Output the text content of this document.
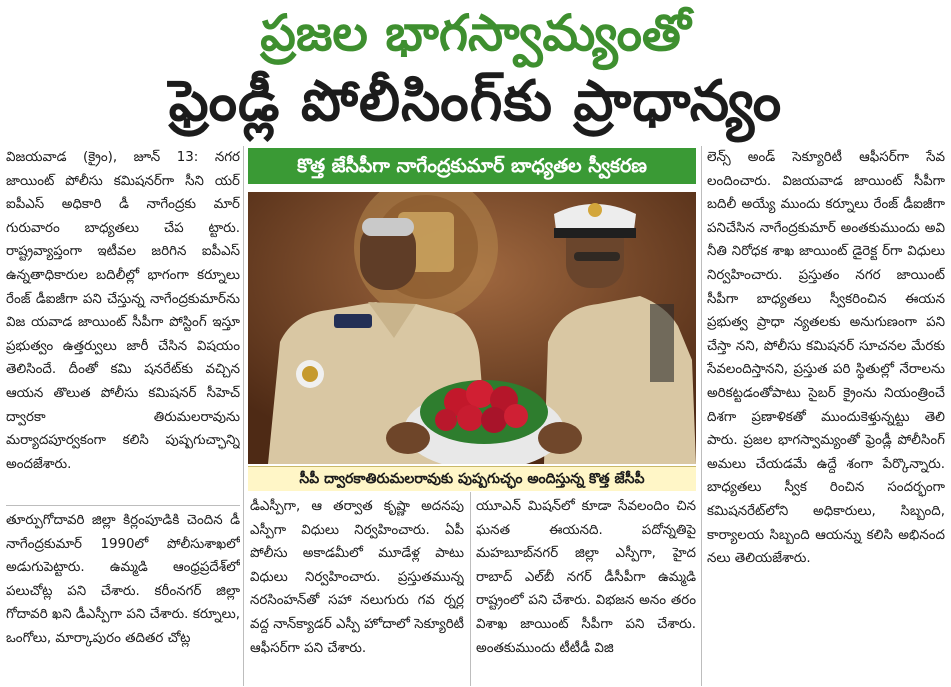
ప్రజల భాగస్వామ్యంతో
ఫ్రెండ్లీ పోలీసింగ్‌కు ప్రాధాన్యం

విజయవాడ (క్రైం), జూన్ 13: నగర జాయింట్ పోలీసు కమిషనర్‌గా సీని యర్ ఐపీఎస్ అధికారి డీ నాగేంద్రకు మార్ గురువారం బాధ్యతలు చేప ట్టారు. రాష్ట్రవ్యాప్తంగా ఇటీవల జరిగిన ఐపీఎస్ ఉన్నతాధికారుల బదిలీల్లో భాగంగా కర్నూలు రేంజ్ డీఐజీగా పని చేస్తున్న నాగేంద్రకుమార్‌ను విజ యవాడ జాయింట్ సీపీగా పోస్టింగ్ ఇస్తూ ప్రభుత్వం ఉత్తర్వులు జారీ చేసిన విషయం తెలిసిందే. దీంతో కమి షనరేట్‌కు వచ్చిన ఆయన తొలుత పోలీసు కమిషనర్ సీహెచ్ ద్వారకా తిరుమలరావును మర్యాదపూర్వకంగా కలిసి పుష్పగుచ్ఛాన్ని అందజేశారు.

తూర్పుగోదావరి జిల్లా కిర్లంపూడికి చెందిన డీ నాగేంద్రకుమార్ 1990లో పోలీసుశాఖలో అడుగుపెట్టారు. ఉమ్మడి ఆంధ్రప్రదేశ్‌లో పలుచోట్ల పని చేశారు. కరీంనగర్ జిల్లా గోదావరి ఖని డీఎస్పీగా పని చేశారు. కర్నూలు, ఒంగోలు, మార్కాపురం తదితర చోట్ల

కొత్త జేసీపీగా నాగేంద్రకుమార్ బాధ్యతల స్వీకరణ
సీపీ ద్వారకాతిరుమలరావుకు పుష్పగుచ్ఛం అందిస్తున్న కొత్త జేసీపీ

డీఎస్పీగా, ఆ తర్వాత కృష్ణా అదనపు ఎస్పీగా విధులు నిర్వహించారు. ఏపీ పోలీసు అకాడమీలో మూడేళ్ల పాటు విధులు నిర్వహించారు. ప్రస్తుతమున్న నరసింహన్‌తో సహా నలుగురు గవ ర్నర్ల వద్ద నాన్‌క్యాడర్ ఎస్పీ హోదాలో సెక్యూరిటీ ఆఫీసర్‌గా పని చేశారు.

యూఎన్ మిషన్‌లో కూడా సేవలందిం చిన ఘనత ఈయనది. పదోన్నతిపై మహబూబ్‌నగర్ జిల్లా ఎస్పీగా, హైద రాబాద్ ఎల్‌బీ నగర్ డీసీపీగా ఉమ్మడి రాష్ట్రంలో పని చేశారు. విభజన అనం తరం విశాఖ జాయింట్ సీపీగా పని చేశారు. అంతకుముందు టీటీడీ విజి

లెన్స్ అండ్ సెక్యూరిటీ ఆఫీసర్‌గా సేవ లందించారు. విజయవాడ జాయింట్ సీపీగా బదిలీ అయ్యే ముందు కర్నూలు రేంజ్ డీఐజీగా పనిచేసిన నాగేంద్రకుమార్ అంతకుముందు అవి నీతి నిరోధక శాఖ జాయింట్ డైరెక్ట ర్‌గా విధులు నిర్వహించారు. ప్రస్తుతం నగర జాయింట్ సీపీగా బాధ్యతలు స్వీకరించిన ఈయన ప్రభుత్వ ప్రాధా న్యతలకు అనుగుణంగా పని చేస్తా నని, పోలీసు కమిషనర్ సూచనల మేరకు సేవలందిస్తానని, ప్రస్తుత పరి స్థితుల్లో నేరాలను అరికట్టడంతోపాటు సైబర్ క్రైంను నియంత్రించే దిశగా ప్రణాళికతో ముందుకెళ్తున్నట్టు తెలి పారు. ప్రజల భాగస్వామ్యంతో ఫ్రెండ్లీ పోలీసింగ్ అమలు చేయడమే ఉద్దే శంగా పేర్కొన్నారు. బాధ్యతలు స్వీక రించిన సందర్భంగా కమిషనరేట్‌లోని అధికారులు, సిబ్బంది, కార్యాలయ సిబ్బంది ఆయన్ను కలిసి అభినంద నలు తెలియజేశారు.
